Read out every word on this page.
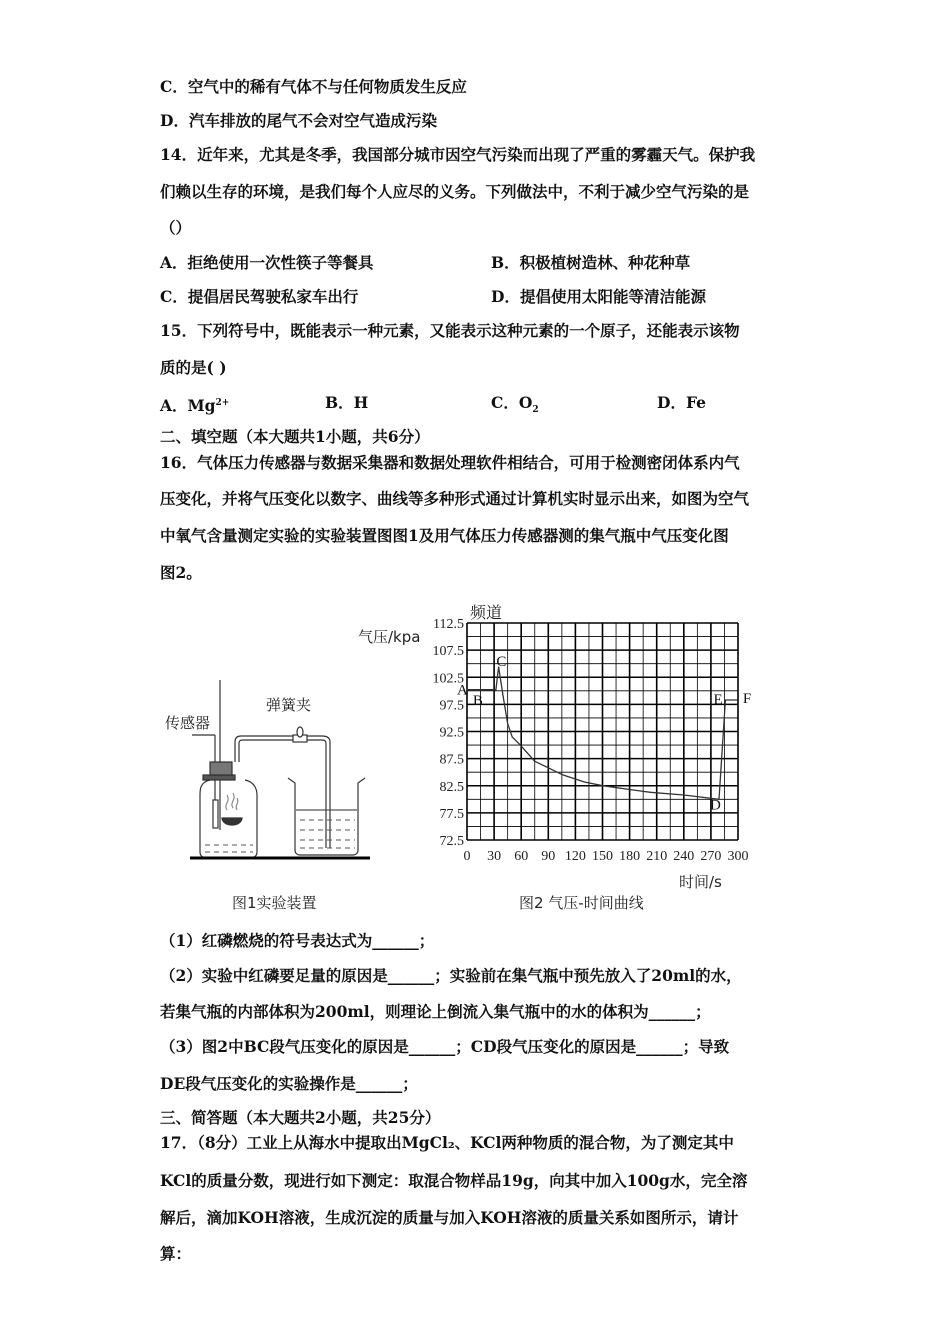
C．空气中的稀有气体不与任何物质发生反应
D．汽车排放的尾气不会对空气造成污染
14．近年来，尤其是冬季，我国部分城市因空气污染而出现了严重的雾霾天气。保护我
们赖以生存的环境，是我们每个人应尽的义务。下列做法中，不利于减少空气污染的是
（）
A．拒绝使用一次性筷子等餐具	B．积极植树造林、种花种草
C．提倡居民驾驶私家车出行	D．提倡使用太阳能等清洁能源
15．下列符号中，既能表示一种元素，又能表示这种元素的一个原子，还能表示该物
质的是( )
A．$Mg^{2+}$	B．H	C．$O_2$	D．Fe
二、填空题（本大题共1小题，共6分）
16．气体压力传感器与数据采集器和数据处理软件相结合，可用于检测密闭体系内气
压变化，并将气压变化以数字、曲线等多种形式通过计算机实时显示出来，如图为空气
中氧气含量测定实验的实验装置图图1及用气体压力传感器测的集气瓶中气压变化图
图2。
传感器
弹簧夹
图1实验装置
72.5
77.5
82.5
87.5
92.5
97.5
102.5
107.5
112.5
0 30 60 90 120 150 180 210 240 270 300
A
B
C
D
E F
频道
气压/kpa
时间/s
图2 气压-时间曲线
（1）红磷燃烧的符号表达式为______；
（2）实验中红磷要足量的原因是______；实验前在集气瓶中预先放入了20ml的水，
若集气瓶的内部体积为200ml，则理论上倒流入集气瓶中的水的体积为______；
（3）图2中BC段气压变化的原因是______；CD段气压变化的原因是______；导致
DE段气压变化的实验操作是______；
三、简答题（本大题共2小题，共25分）
17．（8分）工业上从海水中提取出MgCl₂、KCl两种物质的混合物，为了测定其中
KCl的质量分数，现进行如下测定：取混合物样品19g，向其中加入100g水，完全溶
解后，滴加KOH溶液，生成沉淀的质量与加入KOH溶液的质量关系如图所示，请计
算：
